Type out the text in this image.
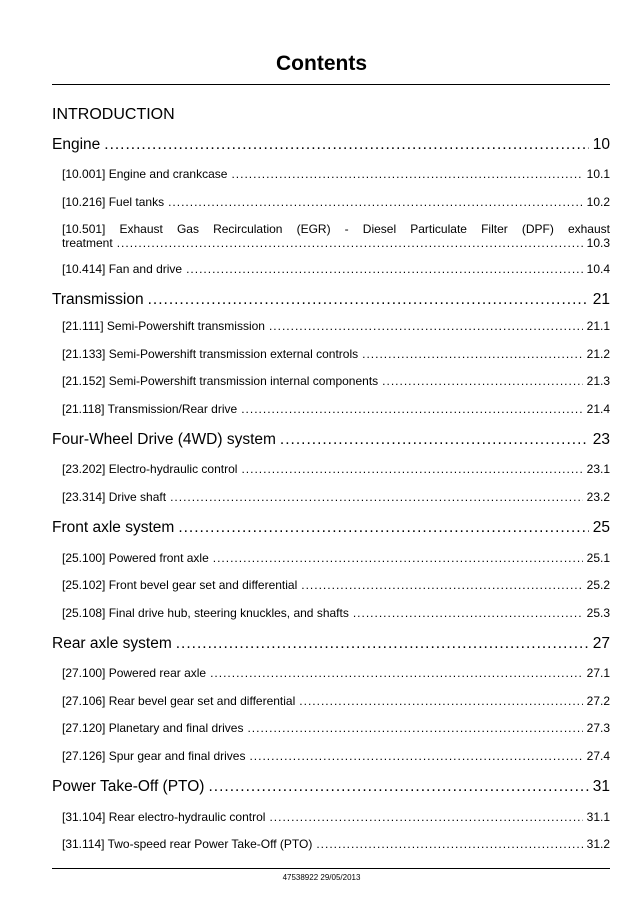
Contents
INTRODUCTION
Engine .....	10
[10.001] Engine and crankcase .....	10.1
[10.216] Fuel tanks .....	10.2
[10.501] Exhaust Gas Recirculation (EGR) - Diesel Particulate Filter (DPF) exhaust
treatment .....	10.3
[10.414] Fan and drive .....	10.4
Transmission .....	21
[21.111] Semi-Powershift transmission .....	21.1
[21.133] Semi-Powershift transmission external controls .....	21.2
[21.152] Semi-Powershift transmission internal components .....	21.3
[21.118] Transmission/Rear drive .....	21.4
Four-Wheel Drive (4WD) system .....	23
[23.202] Electro-hydraulic control .....	23.1
[23.314] Drive shaft .....	23.2
Front axle system .....	25
[25.100] Powered front axle .....	25.1
[25.102] Front bevel gear set and differential .....	25.2
[25.108] Final drive hub, steering knuckles, and shafts .....	25.3
Rear axle system .....	27
[27.100] Powered rear axle .....	27.1
[27.106] Rear bevel gear set and differential .....	27.2
[27.120] Planetary and final drives .....	27.3
[27.126] Spur gear and final drives .....	27.4
Power Take-Off (PTO) .....	31
[31.104] Rear electro-hydraulic control .....	31.1
[31.114] Two-speed rear Power Take-Off (PTO) .....	31.2
47538922 29/05/2013
